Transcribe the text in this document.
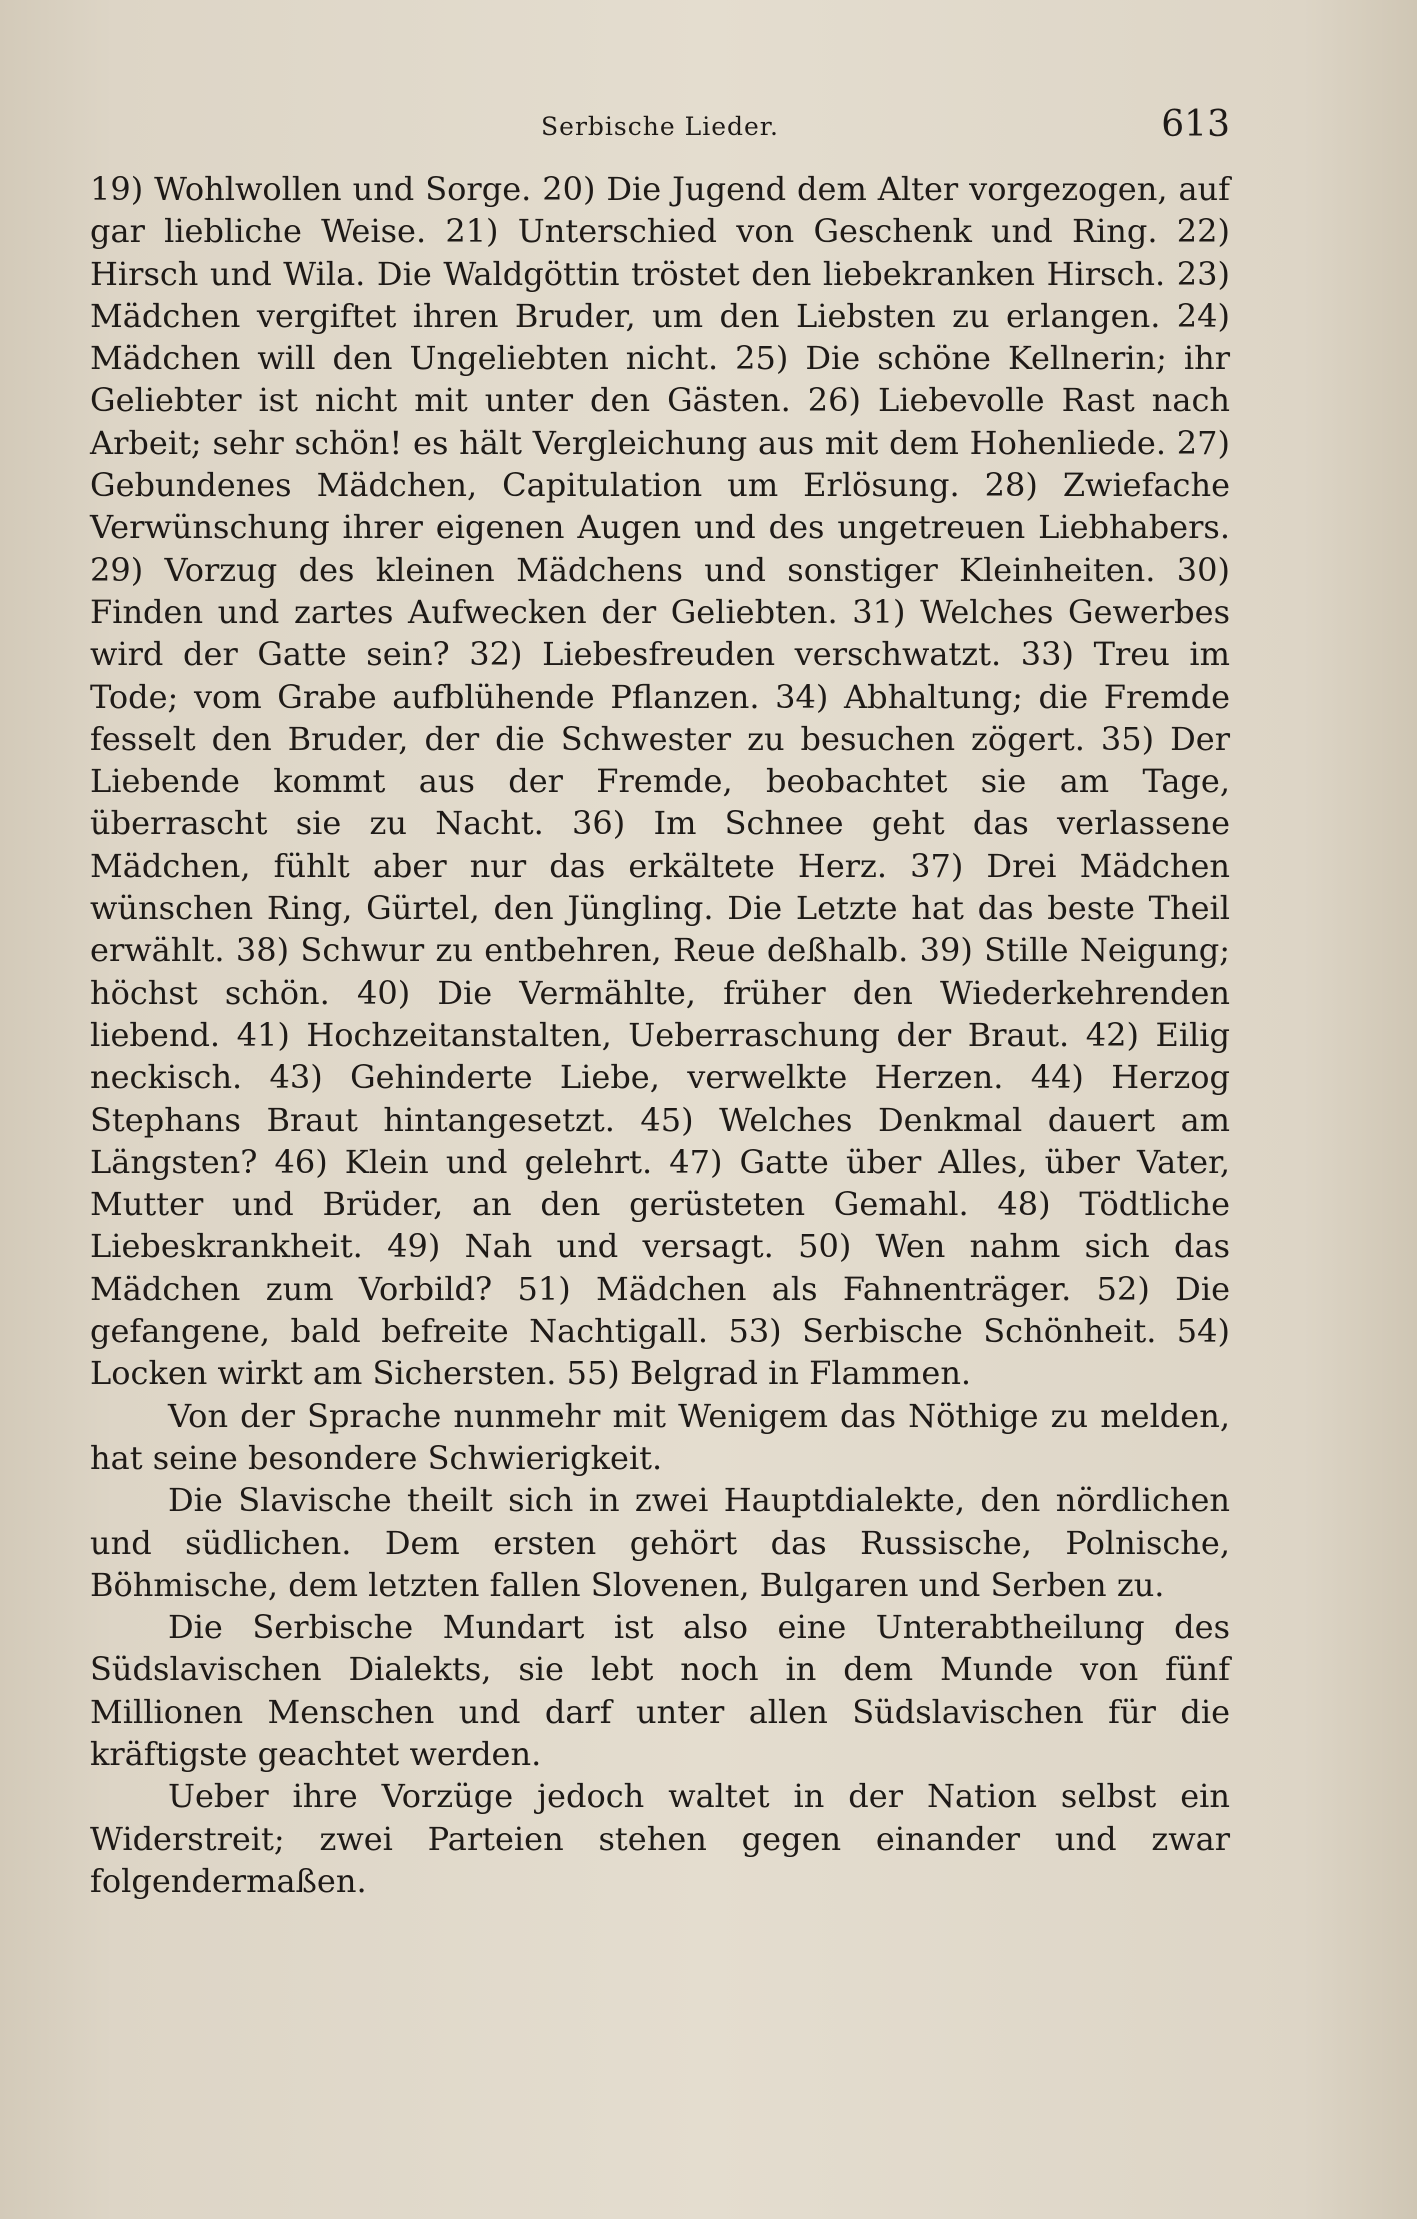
Serbische Lieder.	613

19) Wohlwollen und Sorge. 20) Die Jugend dem Alter vorgezogen, auf gar liebliche Weise. 21) Unterschied von Geschenk und Ring. 22) Hirsch und Wila. Die Waldgöttin tröstet den liebekranken Hirsch. 23) Mädchen vergiftet ihren Bruder, um den Liebsten zu erlangen. 24) Mädchen will den Ungeliebten nicht. 25) Die schöne Kellnerin; ihr Geliebter ist nicht mit unter den Gästen. 26) Liebevolle Rast nach Arbeit; sehr schön! es hält Vergleichung aus mit dem Hohenliede. 27) Gebundenes Mädchen, Capitulation um Erlösung. 28) Zwiefache Verwünschung ihrer eigenen Augen und des ungetreuen Liebhabers. 29) Vorzug des kleinen Mädchens und sonstiger Kleinheiten. 30) Finden und zartes Aufwecken der Geliebten. 31) Welches Gewerbes wird der Gatte sein? 32) Liebesfreuden verschwatzt. 33) Treu im Tode; vom Grabe aufblühende Pflanzen. 34) Abhaltung; die Fremde fesselt den Bruder, der die Schwester zu besuchen zögert. 35) Der Liebende kommt aus der Fremde, beobachtet sie am Tage, überrascht sie zu Nacht. 36) Im Schnee geht das verlassene Mädchen, fühlt aber nur das erkältete Herz. 37) Drei Mädchen wünschen Ring, Gürtel, den Jüngling. Die Letzte hat das beste Theil erwählt. 38) Schwur zu entbehren, Reue deßhalb. 39) Stille Neigung; höchst schön. 40) Die Vermählte, früher den Wiederkehrenden liebend. 41) Hochzeitanstalten, Ueberraschung der Braut. 42) Eilig neckisch. 43) Gehinderte Liebe, verwelkte Herzen. 44) Herzog Stephans Braut hintangesetzt. 45) Welches Denkmal dauert am Längsten? 46) Klein und gelehrt. 47) Gatte über Alles, über Vater, Mutter und Brüder, an den gerüsteten Gemahl. 48) Tödtliche Liebeskrankheit. 49) Nah und versagt. 50) Wen nahm sich das Mädchen zum Vorbild? 51) Mädchen als Fahnenträger. 52) Die gefangene, bald befreite Nachtigall. 53) Serbische Schönheit. 54) Locken wirkt am Sichersten. 55) Belgrad in Flammen.

Von der Sprache nunmehr mit Wenigem das Nöthige zu melden, hat seine besondere Schwierigkeit.

Die Slavische theilt sich in zwei Hauptdialekte, den nördlichen und südlichen. Dem ersten gehört das Russische, Polnische, Böhmische, dem letzten fallen Slovenen, Bulgaren und Serben zu.

Die Serbische Mundart ist also eine Unterabtheilung des Südslavischen Dialekts, sie lebt noch in dem Munde von fünf Millionen Menschen und darf unter allen Südslavischen für die kräftigste geachtet werden.

Ueber ihre Vorzüge jedoch waltet in der Nation selbst ein Widerstreit; zwei Parteien stehen gegen einander und zwar folgendermaßen.
